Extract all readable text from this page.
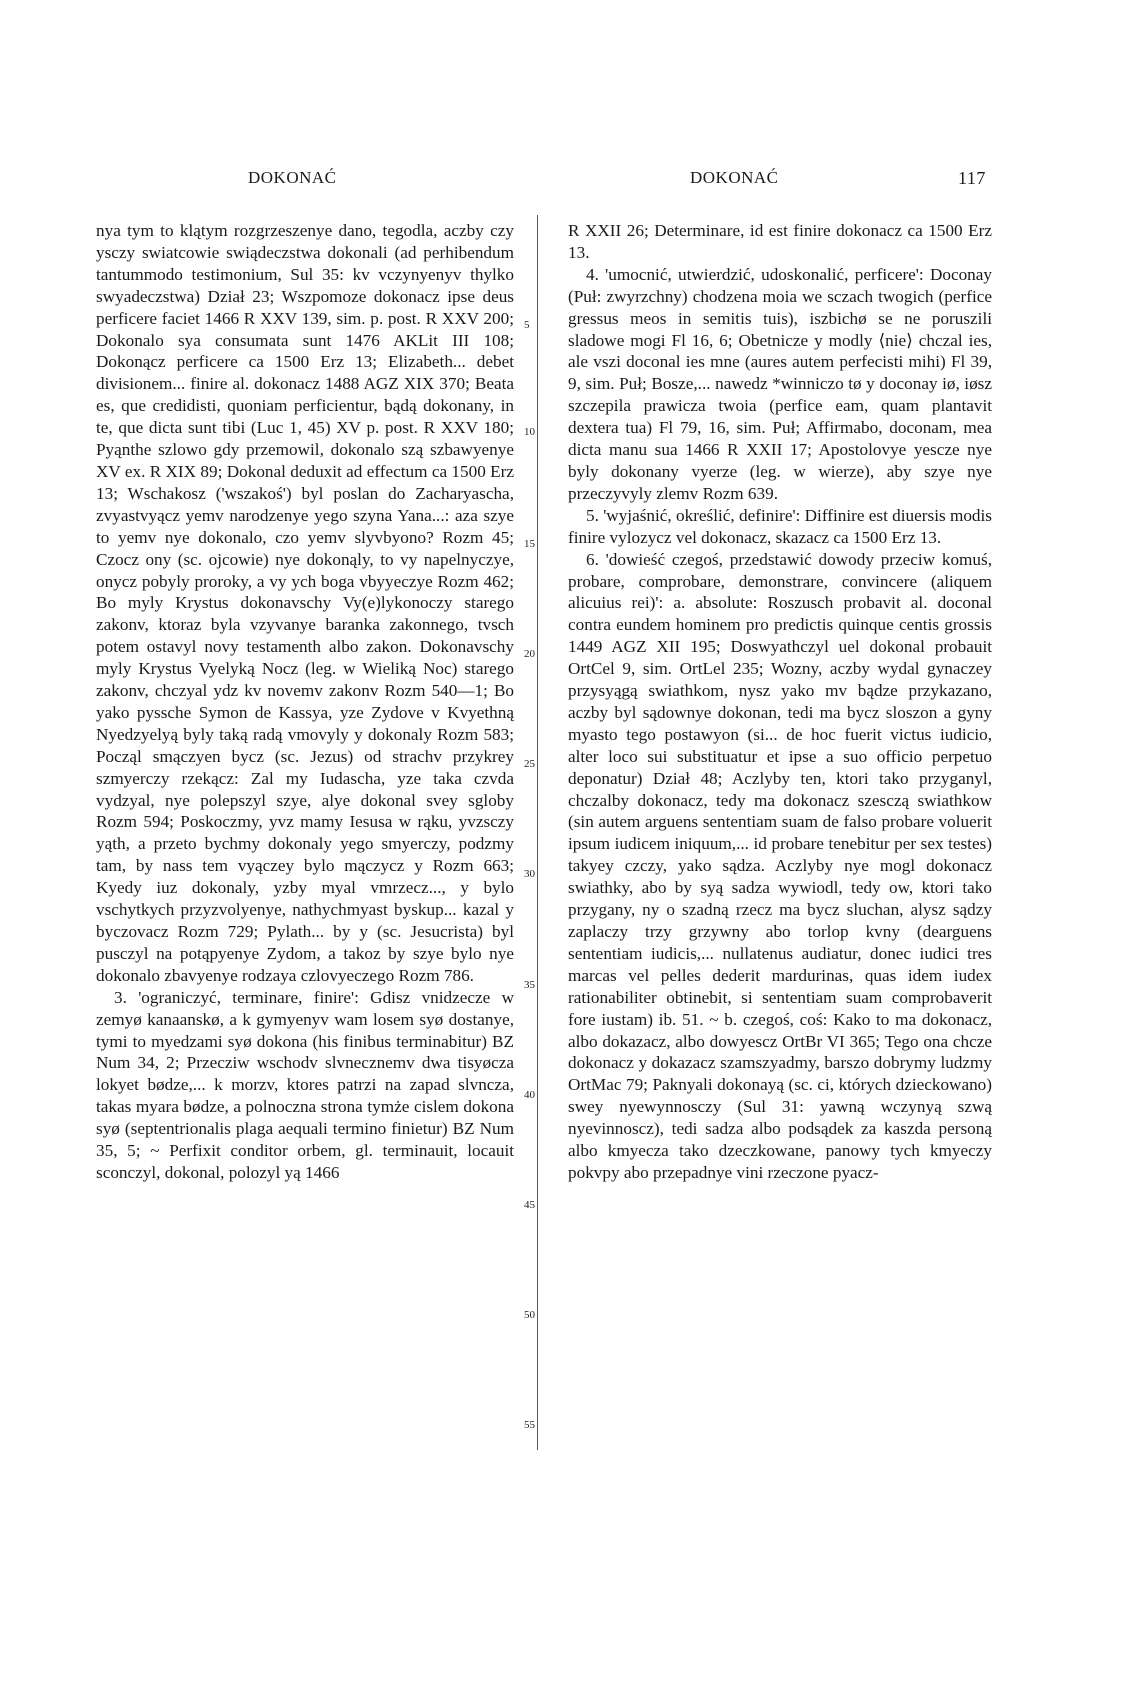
DOKONAĆ	DOKONAĆ	117

nya tym to klątym rozgrzeszenye dano, tegodla, aczby czy ysczy swiatcowie swiądeczstwa dokonali (ad perhibendum tantummodo testimonium, Sul 35: kv vczynyenyv thylko swyadeczstwa) Dział 23; Wszpomoze dokonacz ipse deus perficere faciet 1466 R XXV 139, sim. p. post. R XXV 200; Dokonalo sya consumata sunt 1476 AKLit III 108; Dokonącz perficere ca 1500 Erz 13; Elizabeth... debet divisionem... finire al. dokonacz 1488 AGZ XIX 370; Beata es, que credidisti, quoniam perficientur, bądą dokonany, in te, que dicta sunt tibi (Luc 1, 45) XV p. post. R XXV 180; Pyąnthe szlowo gdy przemowil, dokonalo szą szbawyenye XV ex. R XIX 89; Dokonal deduxit ad effectum ca 1500 Erz 13; Wschakosz ('wszakoś') byl poslan do Zacharyascha, zvyastvyącz yemv narodzenye yego szyna Yana...: aza szye to yemv nye dokonalo, czo yemv slyvbyono? Rozm 45; Czocz ony (sc. ojcowie) nye dokonąly, to vy napelnyczye, onycz pobyly proroky, a vy ych boga vbyyeczye Rozm 462; Bo myly Krystus dokonavschy Vy(e)lykonoczy starego zakonv, ktoraz byla vzyvanye baranka zakonnego, tvsch potem ostavyl novy testamenth albo zakon. Dokonavschy myly Krystus Vyelyką Nocz (leg. w Wieliką Noc) starego zakonv, chczyal ydz kv novemv zakonv Rozm 540—1; Bo yako pyssche Symon de Kassya, yze Zydove v Kvyethną Nyedzyelyą byly taką radą vmovyly y dokonaly Rozm 583; Począl smączyen bycz (sc. Jezus) od strachv przykrey szmyerczy rzekącz: Zal my Iudascha, yze taka czvda vydzyal, nye polepszyl szye, alye dokonal svey sgloby Rozm 594; Poskoczmy, yvz mamy Iesusa w rąku, yvzsczy yąth, a przeto bychmy dokonaly yego smyerczy, podzmy tam, by nass tem vyączey bylo mączycz y Rozm 663; Kyedy iuz dokonaly, yzby myal vmrzecz..., y bylo vschytkych przyzvolyenye, nathychmyast byskup... kazal y byczovacz Rozm 729; Pylath... by y (sc. Jesucrista) byl pusczyl na potąpyenye Zydom, a takoz by szye bylo nye dokonalo zbavyenye rodzaya czlovyeczego Rozm 786.

3. 'ograniczyć, terminare, finire': Gdisz vnidzecze w zemyø kanaanskø, a k gymyenyv wam losem syø dostanye, tymi to myedzami syø dokona (his finibus terminabitur) BZ Num 34, 2; Przecziw wschodv slvnecznemv dwa tisyøcza lokyet bødze,... k morzv, ktores patrzi na zapad slvncza, takas myara bødze, a polnoczna strona tymże cislem dokona syø (septentrionalis plaga aequali termino finietur) BZ Num 35, 5; ~ Perfixit conditor orbem, gl. terminauit, locauit sconczyl, dokonal, polozyl yą 1466

5
10
15
20
25
30
35
40
45
50
55

R XXII 26; Determinare, id est finire dokonacz ca 1500 Erz 13.

4. 'umocnić, utwierdzić, udoskonalić, perficere': Doconay (Puł: zwyrzchny) chodzena moia we sczach twogich (perfice gressus meos in semitis tuis), iszbichø se ne poruszili sladowe mogi Fl 16, 6; Obetnicze y modly ⟨nie⟩ chczal ies, ale vszi doconal ies mne (aures autem perfecisti mihi) Fl 39, 9, sim. Puł; Bosze,... nawedz *winniczo tø y doconay iø, iøsz szczepila prawicza twoia (perfice eam, quam plantavit dextera tua) Fl 79, 16, sim. Puł; Affirmabo, doconam, mea dicta manu sua 1466 R XXII 17; Apostolovye yescze nye byly dokonany vyerze (leg. w wierze), aby szye nye przeczyvyly zlemv Rozm 639.

5. 'wyjaśnić, określić, definire': Diffinire est diuersis modis finire vylozycz vel dokonacz, skazacz ca 1500 Erz 13.

6. 'dowieść czegoś, przedstawić dowody przeciw komuś, probare, comprobare, demonstrare, convincere (aliquem alicuius rei)': a. absolute: Roszusch probavit al. doconal contra eundem hominem pro predictis quinque centis grossis 1449 AGZ XII 195; Doswyathczyl uel dokonal probauit OrtCel 9, sim. OrtLel 235; Wozny, aczby wydal gynaczey przysyągą swiathkom, nysz yako mv bądze przykazano, aczby byl sądownye dokonan, tedi ma bycz sloszon a gyny myasto tego postawyon (si... de hoc fuerit victus iudicio, alter loco sui substituatur et ipse a suo officio perpetuo deponatur) Dział 48; Aczlyby ten, ktori tako przyganyl, chczalby dokonacz, tedy ma dokonacz szesczą swiathkow (sin autem arguens sententiam suam de falso probare voluerit ipsum iudicem iniquum,... id probare tenebitur per sex testes) takyey czczy, yako sądza. Aczlyby nye mogl dokonacz swiathky, abo by syą sadza wywiodl, tedy ow, ktori tako przygany, ny o szadną rzecz ma bycz sluchan, alysz sądzy zaplaczy trzy grzywny abo torlop kvny (dearguens sententiam iudicis,... nullatenus audiatur, donec iudici tres marcas vel pelles dederit mardurinas, quas idem iudex rationabiliter obtinebit, si sententiam suam comprobaverit fore iustam) ib. 51. ~ b. czegoś, coś: Kako to ma dokonacz, albo dokazacz, albo dowyescz OrtBr VI 365; Tego ona chcze dokonacz y dokazacz szamszyadmy, barszo dobrymy ludzmy OrtMac 79; Paknyali dokonayą (sc. ci, których dzieckowano) swey nyewynnosczy (Sul 31: yawną wczynyą szwą nyevinnoscz), tedi sadza albo podsądek za kaszda personą albo kmyecza tako dzeczkowane, panowy tych kmyeczy pokvpy abo przepadnye vini rzeczone pyacz-
